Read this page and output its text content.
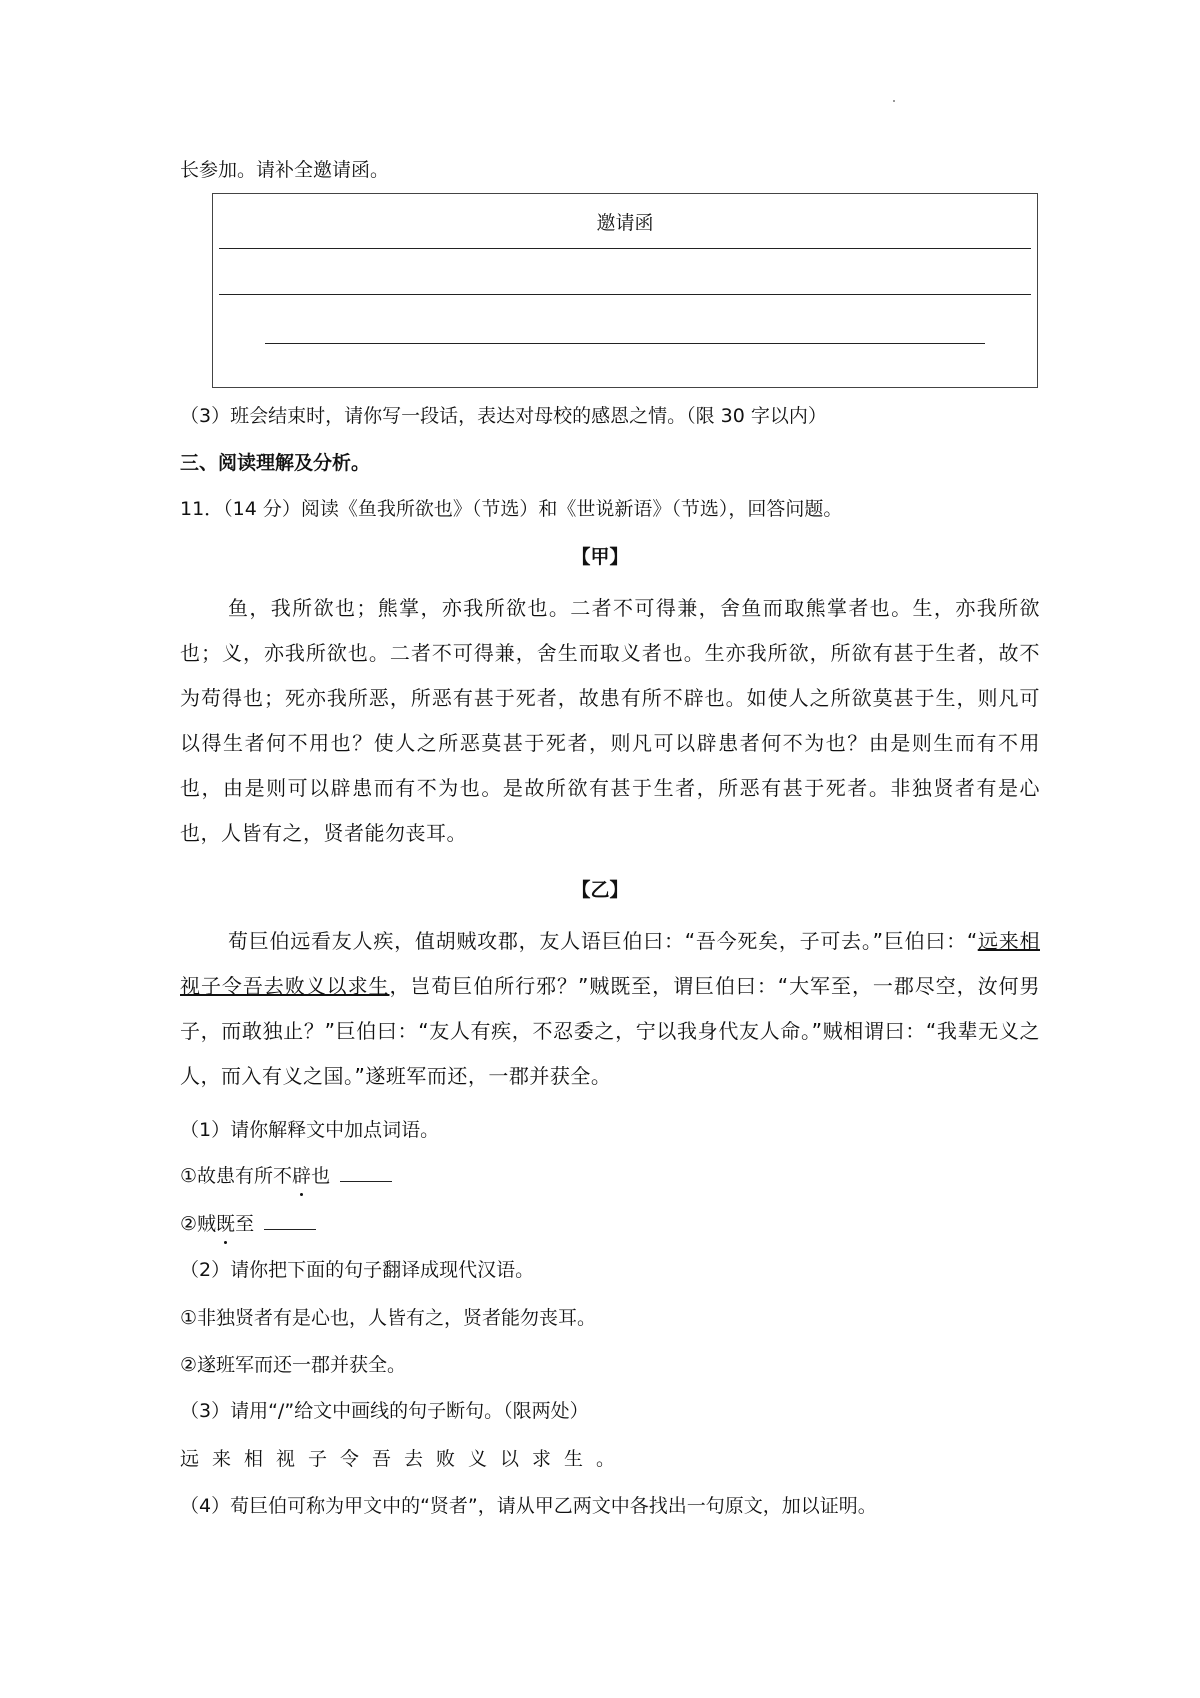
长参加。请补全邀请函。
邀请函
（3）班会结束时，请你写一段话，表达对母校的感恩之情。（限 30 字以内）
三、阅读理解及分析。
11．（14 分）阅读《鱼我所欲也》（节选）和《世说新语》（节选），回答问题。
【甲】
鱼，我所欲也；熊掌，亦我所欲也。二者不可得兼，舍鱼而取熊掌者也。生，亦我所欲也；义，亦我所欲也。二者不可得兼，舍生而取义者也。生亦我所欲，所欲有甚于生者，故不为苟得也；死亦我所恶，所恶有甚于死者，故患有所不辟也。如使人之所欲莫甚于生，则凡可以得生者何不用也？使人之所恶莫甚于死者，则凡可以辟患者何不为也？由是则生而有不用也，由是则可以辟患而有不为也。是故所欲有甚于生者，所恶有甚于死者。非独贤者有是心也，人皆有之，贤者能勿丧耳。
【乙】
荀巨伯远看友人疾，值胡贼攻郡，友人语巨伯曰：“吾今死矣，子可去。”巨伯曰：“远来相视子令吾去败义以求生，岂荀巨伯所行邪？”贼既至，谓巨伯曰：“大军至，一郡尽空，汝何男子，而敢独止？”巨伯曰：“友人有疾，不忍委之，宁以我身代友人命。”贼相谓曰：“我辈无义之人，而入有义之国。”遂班军而还，一郡并获全。
（1）请你解释文中加点词语。
①故患有所不辟也
②贼既至
（2）请你把下面的句子翻译成现代汉语。
①非独贤者有是心也，人皆有之，贤者能勿丧耳。
②遂班军而还一郡并获全。
（3）请用“/”给文中画线的句子断句。（限两处）
远来相视子令吾去败义以求生。
（4）荀巨伯可称为甲文中的“贤者”，请从甲乙两文中各找出一句原文，加以证明。
